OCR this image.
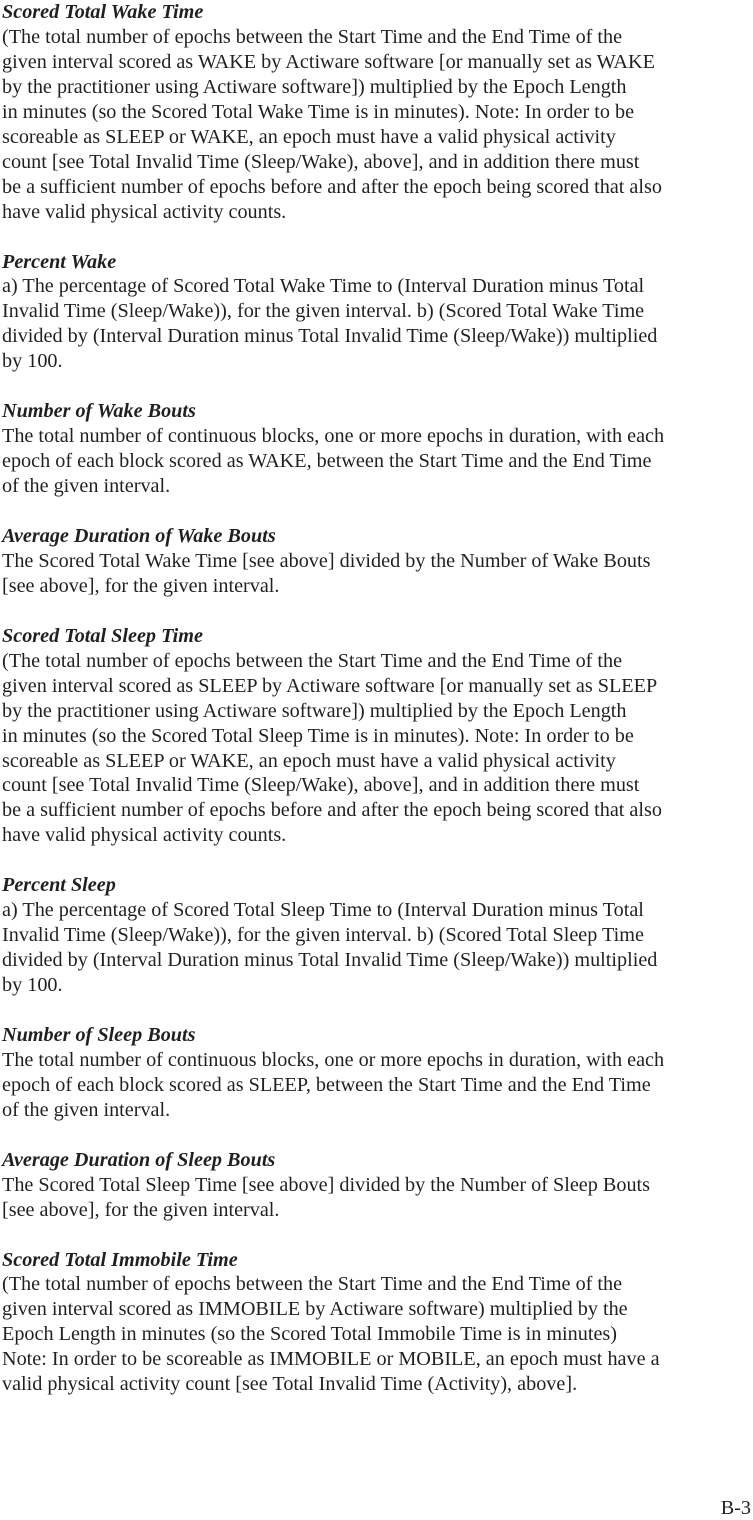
Scored Total Wake Time
(The total number of epochs between the Start Time and the End Time of the
given interval scored as WAKE by Actiware software [or manually set as WAKE
by the practitioner using Actiware software]) multiplied by the Epoch Length
in minutes (so the Scored Total Wake Time is in minutes). Note: In order to be
scoreable as SLEEP or WAKE, an epoch must have a valid physical activity
count [see Total Invalid Time (Sleep/Wake), above], and in addition there must
be a sufficient number of epochs before and after the epoch being scored that also
have valid physical activity counts.
Percent Wake
a) The percentage of Scored Total Wake Time to (Interval Duration minus Total
Invalid Time (Sleep/Wake)), for the given interval. b) (Scored Total Wake Time
divided by (Interval Duration minus Total Invalid Time (Sleep/Wake)) multiplied
by 100.
Number of Wake Bouts
The total number of continuous blocks, one or more epochs in duration, with each
epoch of each block scored as WAKE, between the Start Time and the End Time
of the given interval.
Average Duration of Wake Bouts
The Scored Total Wake Time [see above] divided by the Number of Wake Bouts
[see above], for the given interval.
Scored Total Sleep Time
(The total number of epochs between the Start Time and the End Time of the
given interval scored as SLEEP by Actiware software [or manually set as SLEEP
by the practitioner using Actiware software]) multiplied by the Epoch Length
in minutes (so the Scored Total Sleep Time is in minutes). Note: In order to be
scoreable as SLEEP or WAKE, an epoch must have a valid physical activity
count [see Total Invalid Time (Sleep/Wake), above], and in addition there must
be a sufficient number of epochs before and after the epoch being scored that also
have valid physical activity counts.
Percent Sleep
a) The percentage of Scored Total Sleep Time to (Interval Duration minus Total
Invalid Time (Sleep/Wake)), for the given interval. b) (Scored Total Sleep Time
divided by (Interval Duration minus Total Invalid Time (Sleep/Wake)) multiplied
by 100.
Number of Sleep Bouts
The total number of continuous blocks, one or more epochs in duration, with each
epoch of each block scored as SLEEP, between the Start Time and the End Time
of the given interval.
Average Duration of Sleep Bouts
The Scored Total Sleep Time [see above] divided by the Number of Sleep Bouts
[see above], for the given interval.
Scored Total Immobile Time
(The total number of epochs between the Start Time and the End Time of the
given interval scored as IMMOBILE by Actiware software) multiplied by the
Epoch Length in minutes (so the Scored Total Immobile Time is in minutes)
Note: In order to be scoreable as IMMOBILE or MOBILE, an epoch must have a
valid physical activity count [see Total Invalid Time (Activity), above].
B-3
